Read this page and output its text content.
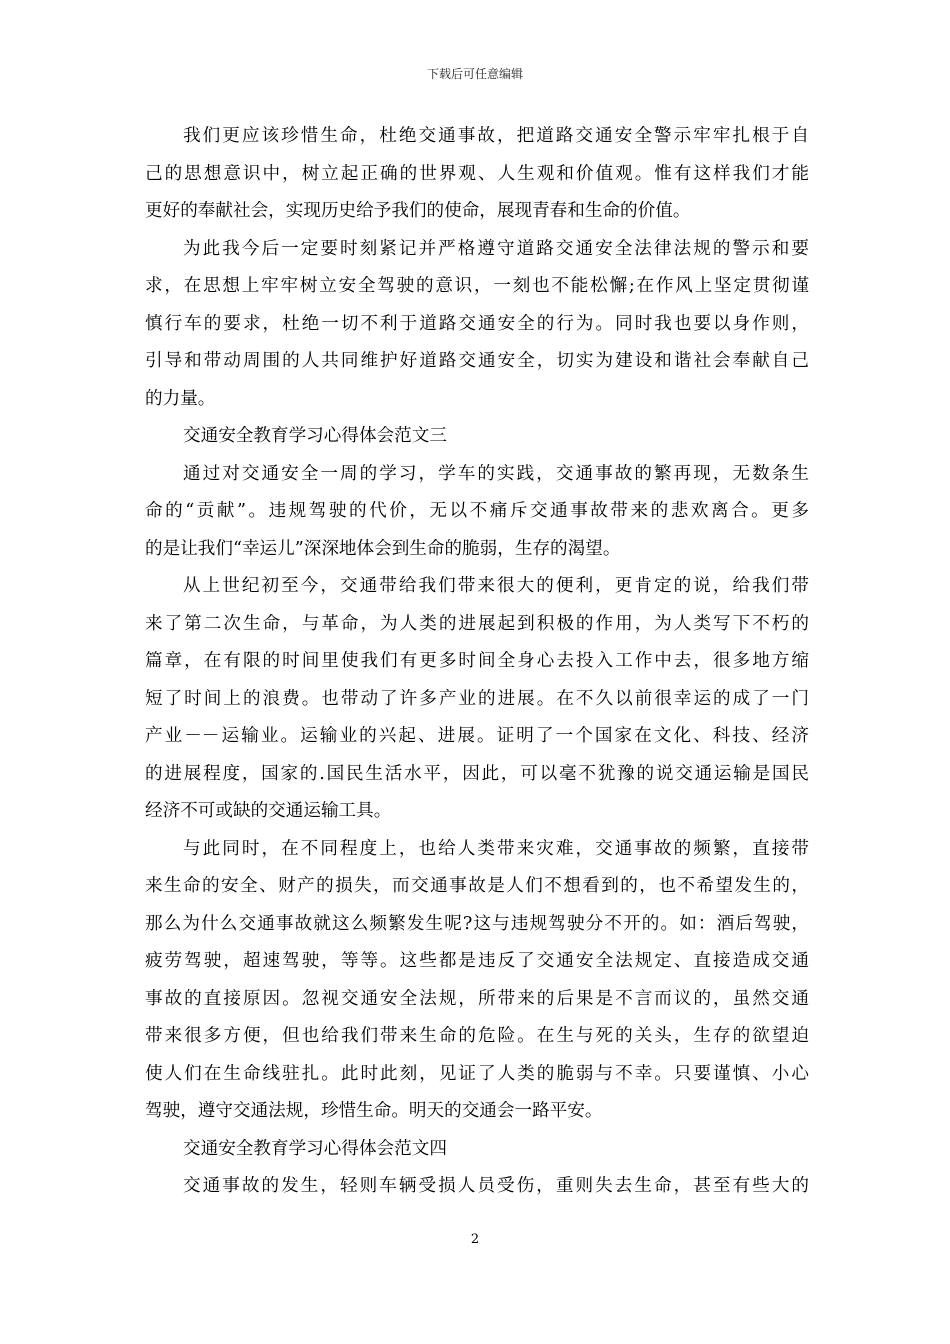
下载后可任意编辑
我们更应该珍惜生命，杜绝交通事故，把道路交通安全警示牢牢扎根于自
己的思想意识中，树立起正确的世界观、人生观和价值观。惟有这样我们才能
更好的奉献社会，实现历史给予我们的使命，展现青春和生命的价值。
为此我今后一定要时刻紧记并严格遵守道路交通安全法律法规的警示和要
求，在思想上牢牢树立安全驾驶的意识，一刻也不能松懈;在作风上坚定贯彻谨
慎行车的要求，杜绝一切不利于道路交通安全的行为。同时我也要以身作则，
引导和带动周围的人共同维护好道路交通安全，切实为建设和谐社会奉献自己
的力量。
交通安全教育学习心得体会范文三
通过对交通安全一周的学习，学车的实践，交通事故的繁再现，无数条生
命的“贡献”。违规驾驶的代价，无以不痛斥交通事故带来的悲欢离合。更多
的是让我们“幸运儿”深深地体会到生命的脆弱，生存的渴望。
从上世纪初至今，交通带给我们带来很大的便利，更肯定的说，给我们带
来了第二次生命，与革命，为人类的进展起到积极的作用，为人类写下不朽的
篇章，在有限的时间里使我们有更多时间全身心去投入工作中去，很多地方缩
短了时间上的浪费。也带动了许多产业的进展。在不久以前很幸运的成了一门
产业－－运输业。运输业的兴起、进展。证明了一个国家在文化、科技、经济
的进展程度，国家的.国民生活水平，因此，可以毫不犹豫的说交通运输是国民
经济不可或缺的交通运输工具。
与此同时，在不同程度上，也给人类带来灾难，交通事故的频繁，直接带
来生命的安全、财产的损失，而交通事故是人们不想看到的，也不希望发生的，
那么为什么交通事故就这么频繁发生呢?这与违规驾驶分不开的。如：酒后驾驶，
疲劳驾驶，超速驾驶，等等。这些都是违反了交通安全法规定、直接造成交通
事故的直接原因。忽视交通安全法规，所带来的后果是不言而议的，虽然交通
带来很多方便，但也给我们带来生命的危险。在生与死的关头，生存的欲望迫
使人们在生命线驻扎。此时此刻，见证了人类的脆弱与不幸。只要谨慎、小心
驾驶，遵守交通法规，珍惜生命。明天的交通会一路平安。
交通安全教育学习心得体会范文四
交通事故的发生，轻则车辆受损人员受伤，重则失去生命，甚至有些大的
2
